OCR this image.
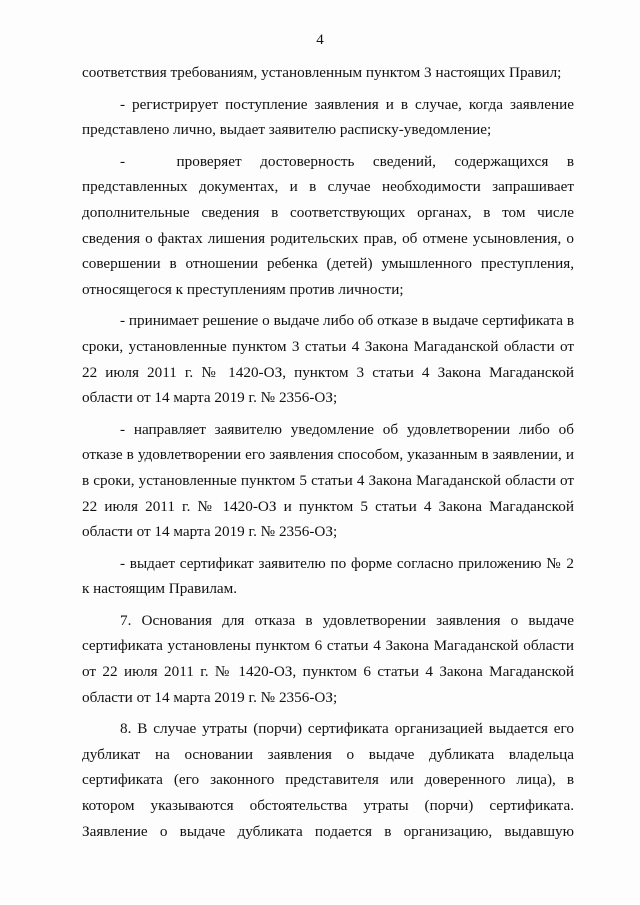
4

соответствия требованиям, установленным пунктом 3 настоящих Правил;

- регистрирует поступление заявления и в случае, когда заявление представлено лично, выдает заявителю расписку-уведомление;

-	проверяет достоверность сведений, содержащихся в

представленных документах, и в случае необходимости запрашивает дополнительные сведения в соответствующих органах, в том числе сведения о фактах лишения родительских прав, об отмене усыновления, о совершении в отношении ребенка (детей) умышленного преступления, относящегося к преступлениям против личности;

- принимает решение о выдаче либо об отказе в выдаче сертификата в сроки, установленные пунктом 3 статьи 4 Закона Магаданской области от 22 июля 2011 г. № 1420-ОЗ, пунктом 3 статьи 4 Закона Магаданской области от 14 марта 2019 г. № 2356-ОЗ;

- направляет заявителю уведомление об удовлетворении либо об отказе в удовлетворении его заявления способом, указанным в заявлении, и в сроки, установленные пунктом 5 статьи 4 Закона Магаданской области от 22 июля 2011 г. № 1420-ОЗ и пунктом 5 статьи 4 Закона Магаданской области от 14 марта 2019 г. № 2356-ОЗ;

- выдает сертификат заявителю по форме согласно приложению № 2 к настоящим Правилам.

7. Основания для отказа в удовлетворении заявления о выдаче сертификата установлены пунктом 6 статьи 4 Закона Магаданской области от 22 июля 2011 г. № 1420-ОЗ, пунктом 6 статьи 4 Закона Магаданской области от 14 марта 2019 г. № 2356-ОЗ;

8. В случае утраты (порчи) сертификата организацией выдается его дубликат на основании заявления о выдаче дубликата владельца сертификата (его законного представителя или доверенного лица), в котором указываются обстоятельства утраты (порчи) сертификата. Заявление о выдаче дубликата подается в организацию, выдавшую
